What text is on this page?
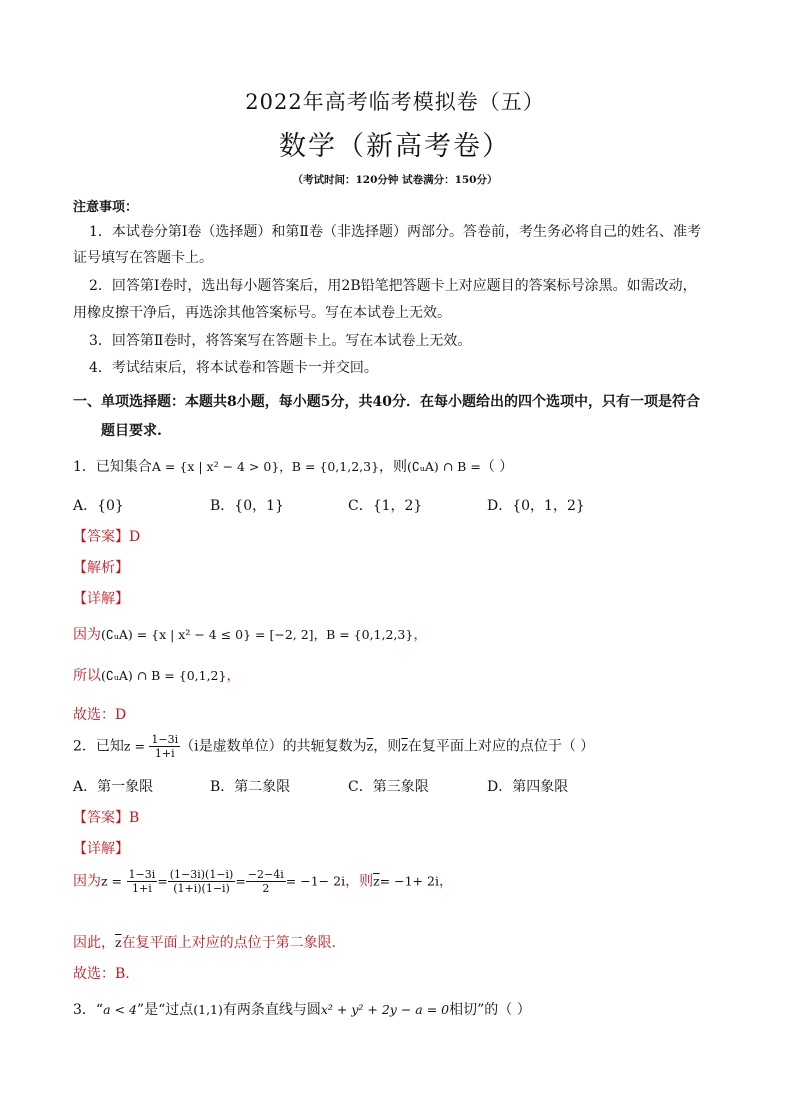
2022年高考临考模拟卷（五）
数学（新高考卷）
（考试时间：120分钟 试卷满分：150分）
注意事项：
1．本试卷分第Ⅰ卷（选择题）和第Ⅱ卷（非选择题）两部分。答卷前，考生务必将自己的姓名、准考
证号填写在答题卡上。
2．回答第Ⅰ卷时，选出每小题答案后，用2B铅笔把答题卡上对应题目的答案标号涂黑。如需改动，
用橡皮擦干净后，再选涂其他答案标号。写在本试卷上无效。
3．回答第Ⅱ卷时，将答案写在答题卡上。写在本试卷上无效。
4．考试结束后，将本试卷和答题卡一并交回。
一、单项选择题：本题共8小题，每小题5分，共40分．在每小题给出的四个选项中，只有一项是符合
题目要求.
1．已知集合A = {x | x² − 4 > 0}，B = {0,1,2,3}，则(∁ᵤA) ∩ B =（ ）
A．{0}	B．{0，1}	C．{1，2}	D．{0，1，2}
【答案】D
【解析】
【详解】
因为(∁ᵤA) = {x | x² − 4 ≤ 0} = [−2, 2]，B = {0,1,2,3}，
所以(∁ᵤA) ∩ B = {0,1,2}，
故选：D
2．已知$z = \frac{1-3i}{1+i} (i$是虚数单位）的共轭复数为$\overline{z}$，则$\overline{z}$在复平面上对应的点位于（ ）
A．第一象限	B．第二象限	C．第三象限	D．第四象限
【答案】B
【详解】
因为$z = \frac{1-3i}{1+i} = \frac{(1-3i)(1-i)}{(1+i)(1-i)} = \frac{-2-4i}{2} = -1- 2i$，则$\overline{z}= -1+ 2i$，
因此，$\overline{z}$在复平面上对应的点位于第二象限.
故选：B.
3．“a < 4”是“过点(1,1)有两条直线与圆x² + y² + 2y − a = 0相切”的（ ）
